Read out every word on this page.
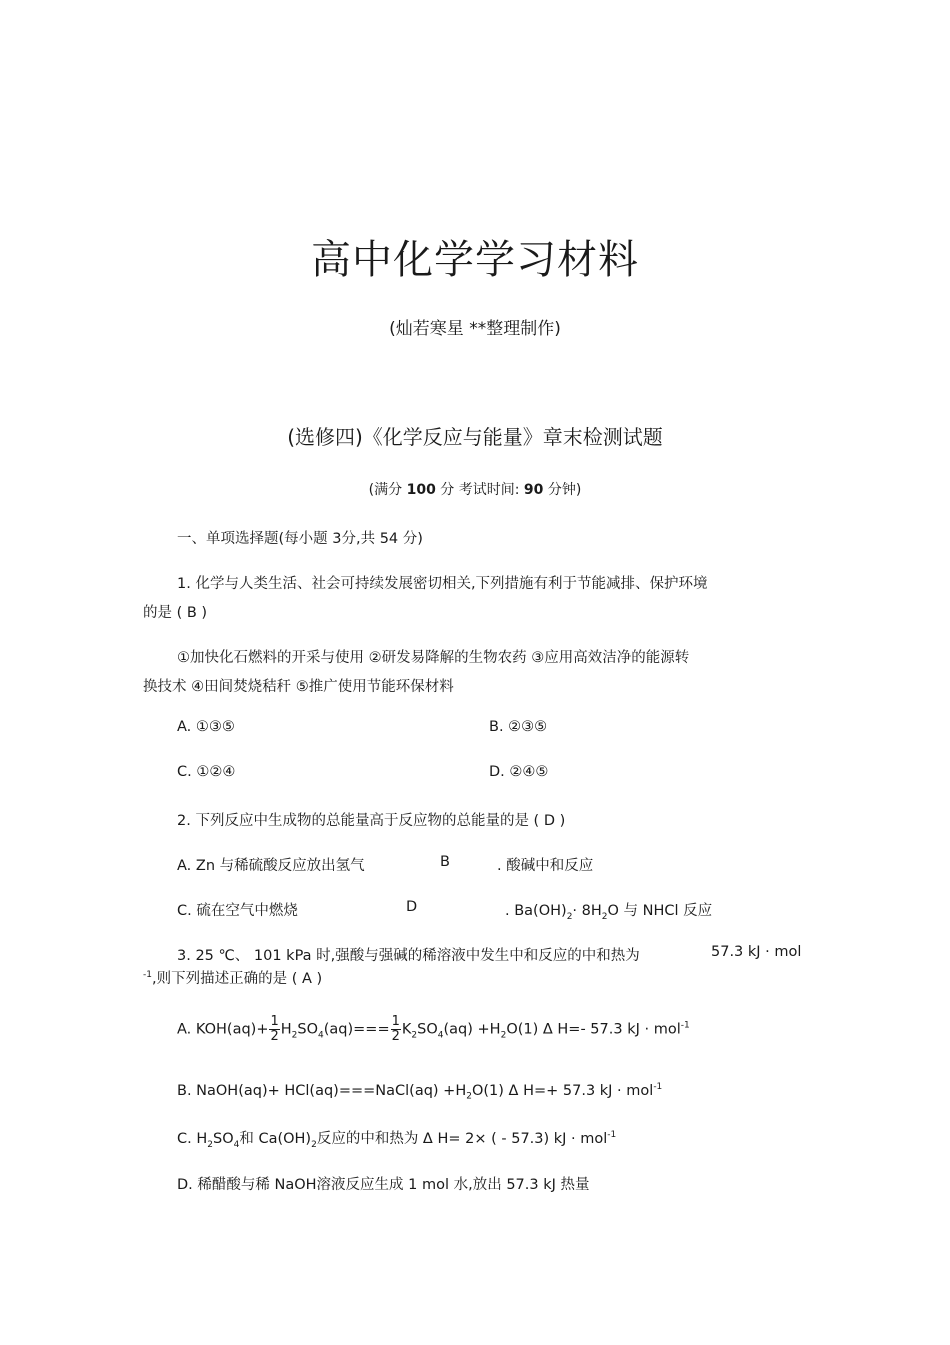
高中化学学习材料
(灿若寒星 **整理制作)
(选修四)《化学反应与能量》章末检测试题
(满分 100 分 考试时间: 90 分钟)
一、单项选择题(每小题 3分,共 54 分)
1. 化学与人类生活、社会可持续发展密切相关,下列措施有利于节能减排、保护环境
的是 ( B )
①加快化石燃料的开采与使用 ②研发易降解的生物农药 ③应用高效洁净的能源转
换技术 ④田间焚烧秸秆 ⑤推广使用节能环保材料
A. ①③⑤	B. ②③⑤
C. ①②④	D. ②④⑤
2. 下列反应中生成物的总能量高于反应物的总能量的是 ( D )
A. Zn 与稀硫酸反应放出氢气	B	. 酸碱中和反应
C. 硫在空气中燃烧	D	. $Ba(OH)_2\cdot 8H_2O$ 与 NHCl 反应
3. 25 ℃、 101 kPa 时,强酸与强碱的稀溶液中发生中和反应的中和热为	57.3 kJ · mol
$^{-1}$,则下列描述正确的是 ( A )
A. $KOH(aq)+ \frac{1}{2} H_2SO_4(aq)=== \frac{1}{2} K_2SO_4(aq) +H_2O(1)$ Δ H=- 57.3 kJ · mol$^{-1}$
B. NaOH(aq)+ HCl(aq)===NaCl(aq) $+H_2O(1)$ Δ H=+ 57.3 kJ · mol$^{-1}$
C. $H_2SO_4$和 $Ca(OH)_2$反应的中和热为 Δ H= 2× ( - 57.3) kJ · mol$^{-1}$
D. 稀醋酸与稀 NaOH溶液反应生成 1 mol 水,放出 57.3 kJ 热量
